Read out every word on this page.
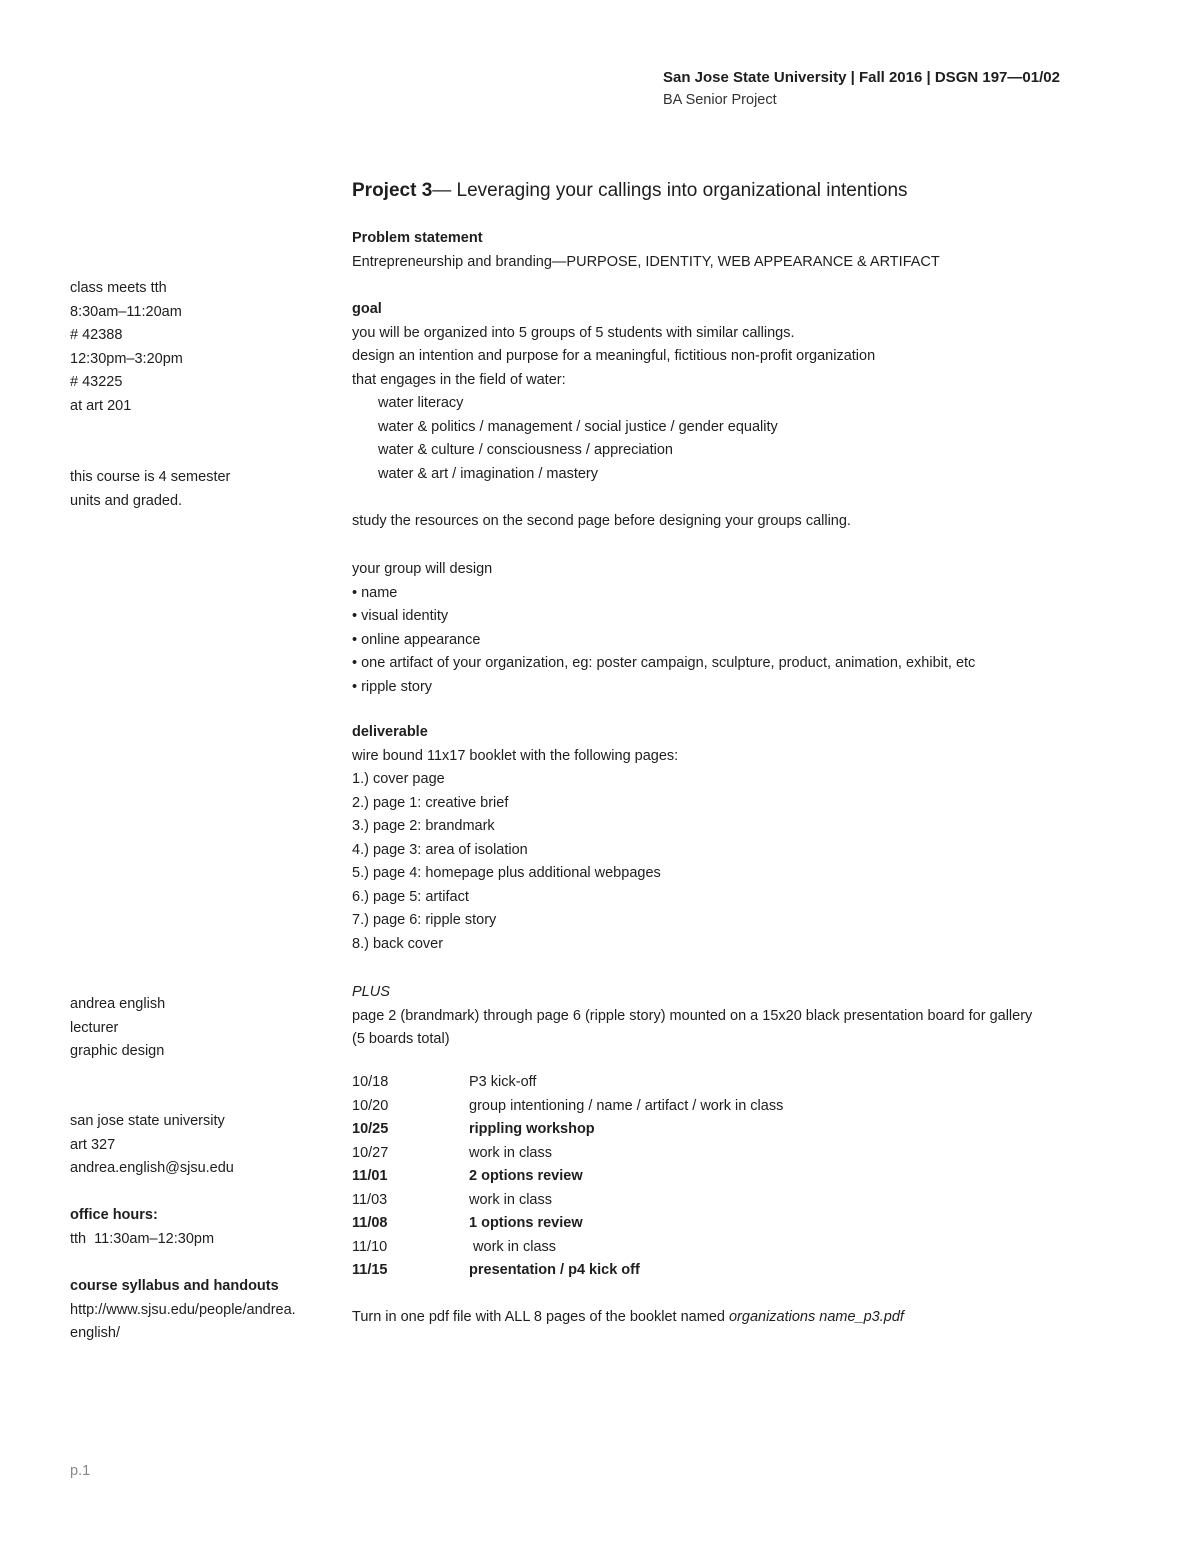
San Jose State University | Fall 2016 | DSGN 197—01/02
BA Senior Project
Project 3— Leveraging your callings into organizational intentions
Problem statement
Entrepreneurship and branding—PURPOSE, IDENTITY, WEB APPEARANCE & ARTIFACT
goal
you will be organized into 5 groups of 5 students with similar callings.
design an intention and purpose for a meaningful, fictitious non-profit organization
that engages in the field of water:
water literacy
water & politics / management / social justice / gender equality
water & culture / consciousness / appreciation
water & art / imagination / mastery
study the resources on the second page before designing your groups calling.
your group will design
• name
• visual identity
• online appearance
• one artifact of your organization, eg: poster campaign, sculpture, product, animation, exhibit, etc
• ripple story
deliverable
wire bound 11x17 booklet with the following pages:
1.) cover page
2.) page 1: creative brief
3.) page 2: brandmark
4.) page 3: area of isolation
5.) page 4: homepage plus additional webpages
6.) page 5: artifact
7.) page 6: ripple story
8.) back cover
PLUS
page 2 (brandmark) through page 6 (ripple story) mounted on a 15x20 black presentation board for gallery
(5 boards total)
10/18	P3 kick-off
10/20	group intentioning / name / artifact / work in class
10/25	rippling workshop
10/27	work in class
11/01	2 options review
11/03	work in class
11/08	1 options review
11/10	work in class
11/15	presentation / p4 kick off
Turn in one pdf file with ALL 8 pages of the booklet named organizations name_p3.pdf
class meets tth
8:30am–11:20am
# 42388
12:30pm–3:20pm
# 43225
at art 201
this course is 4 semester
units and graded.
andrea english
lecturer
graphic design
san jose state university
art 327
andrea.english@sjsu.edu
office hours:
tth  11:30am–12:30pm
course syllabus and handouts
http://www.sjsu.edu/people/andrea.
english/
p.1
